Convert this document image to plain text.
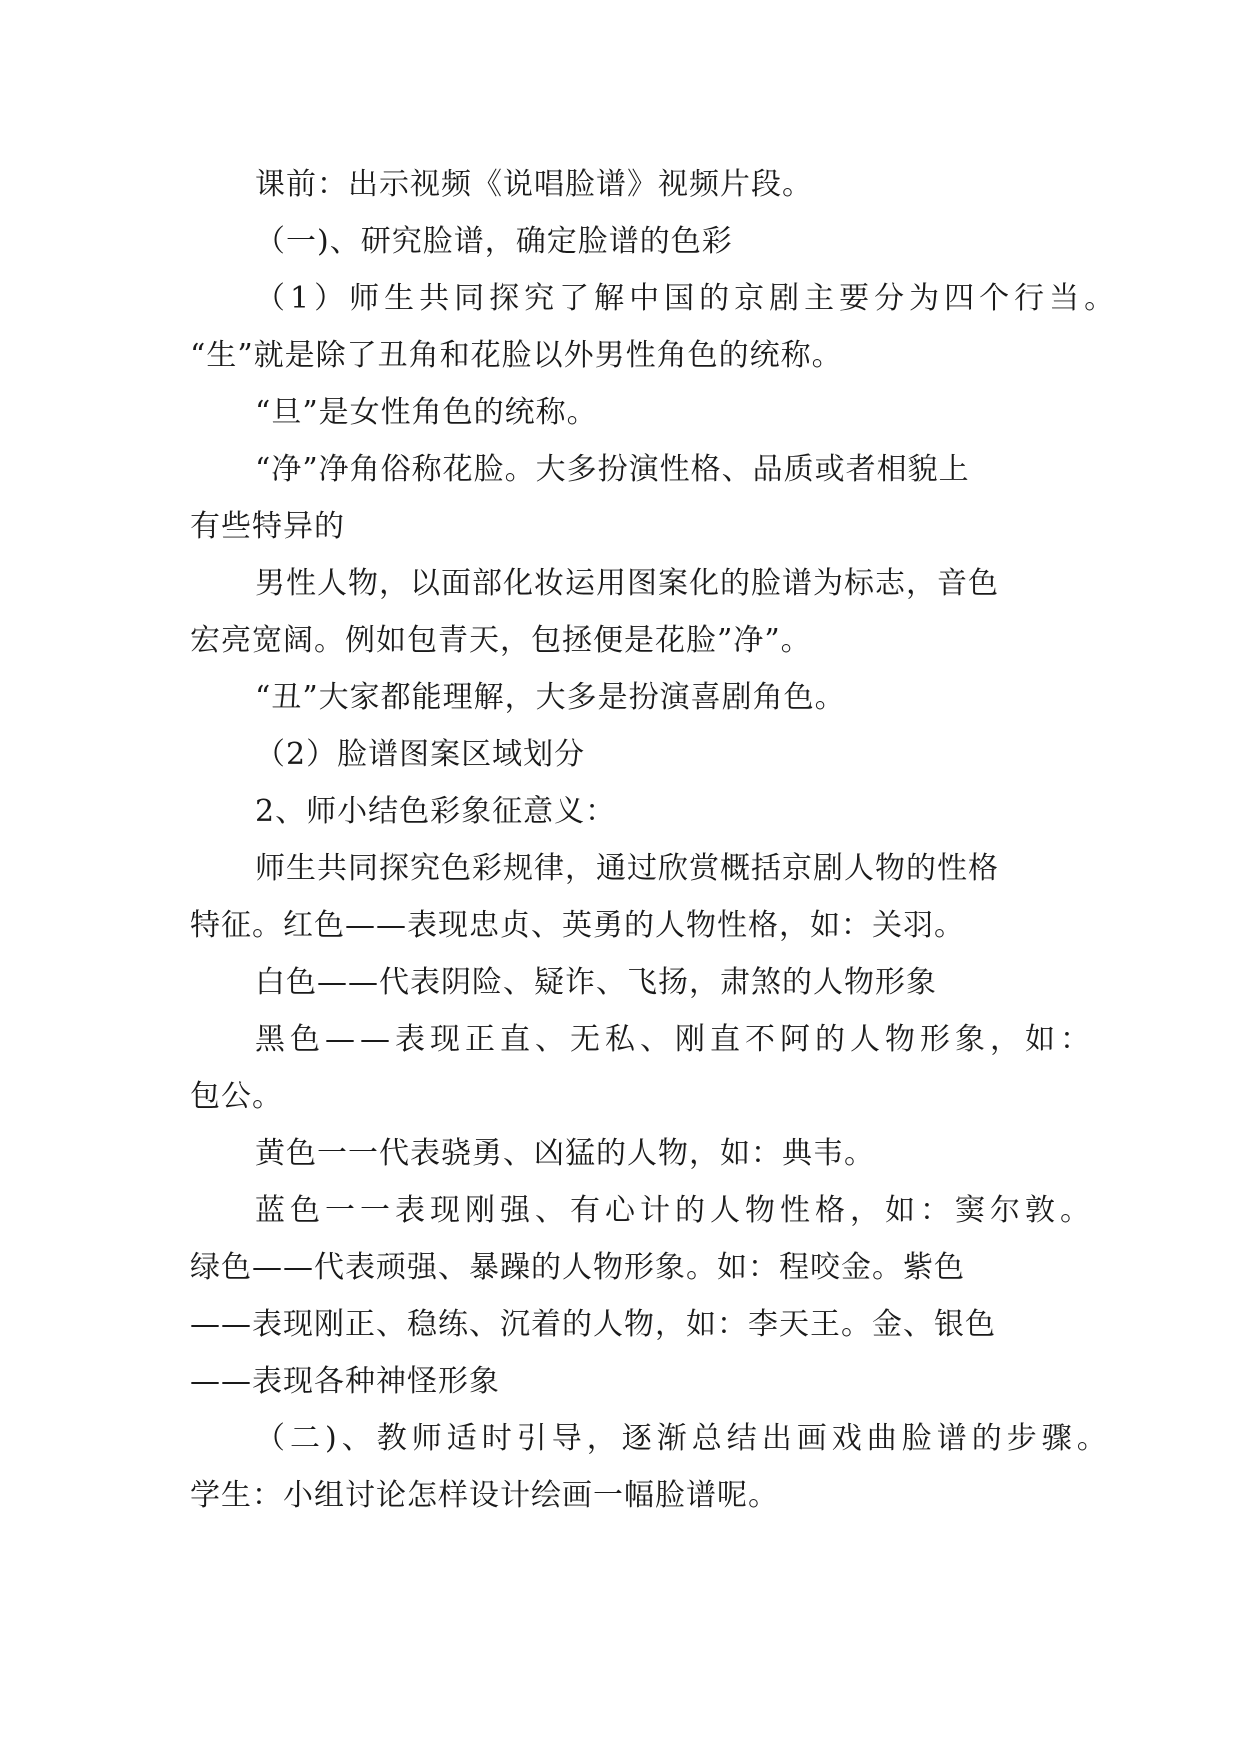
课前：出示视频《说唱脸谱》视频片段。
（一)、研究脸谱，确定脸谱的色彩
（1）师生共同探究了解中国的京剧主要分为四个行当。
“生”就是除了丑角和花脸以外男性角色的统称。
“旦”是女性角色的统称。
“净”净角俗称花脸。大多扮演性格、品质或者相貌上
有些特异的
男性人物，以面部化妆运用图案化的脸谱为标志，音色
宏亮宽阔。例如包青天，包拯便是花脸”净”。
“丑”大家都能理解，大多是扮演喜剧角色。
（2）脸谱图案区域划分
2、师小结色彩象征意义：
师生共同探究色彩规律，通过欣赏概括京剧人物的性格
特征。红色——表现忠贞、英勇的人物性格，如：关羽。
白色——代表阴险、疑诈、飞扬，肃煞的人物形象
黑色——表现正直、无私、刚直不阿的人物形象，如：
包公。
黄色一一代表骁勇、凶猛的人物，如：典韦。
蓝色一一表现刚强、有心计的人物性格，如：窦尔敦。
绿色——代表顽强、暴躁的人物形象。如：程咬金。紫色
——表现刚正、稳练、沉着的人物，如：李天王。金、银色
——表现各种神怪形象
（二)、教师适时引导，逐渐总结出画戏曲脸谱的步骤。
学生：小组讨论怎样设计绘画一幅脸谱呢。
